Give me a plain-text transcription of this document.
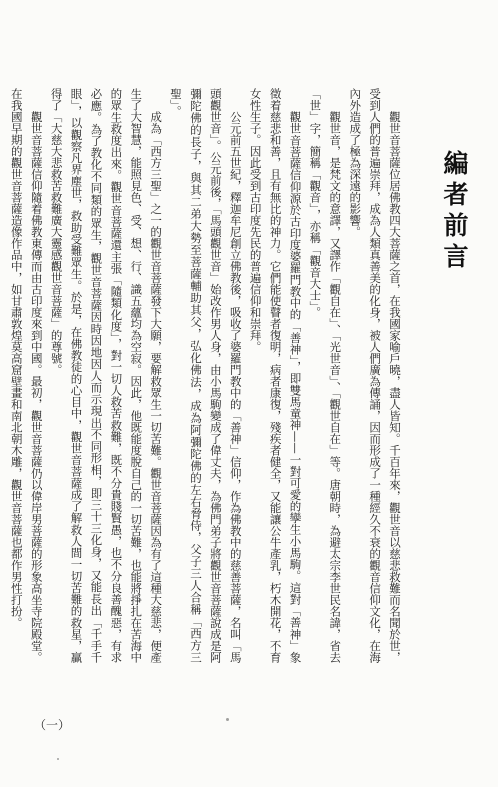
編者前言

觀世音菩薩位居佛教四大菩薩之首，在我國家喻戶曉，盡人皆知。千百年來，觀世音以慈悲救難而名聞於世，受到人們的普遍崇拜，成為人類真善美的化身，被人們廣為傳誦，因而形成了一種經久不衰的觀音信仰文化，在海內外造成了極為深遠的影響。

觀世音，是梵文的意譯，又譯作「觀自在」、「光世音」、「觀世自在」等。唐朝時，為避太宗李世民名諱，省去「世」字，簡稱「觀音」，亦稱「觀音大士」。

觀世音菩薩信仰源於古印度婆羅門教中的「善神」，即雙馬童神——一對可愛的孿生小馬駒。這對「善神」象徵着慈悲和善，且有無比的神力。它們能使瞽者復明，病者康復，殘疾者健全，又能讓公牛產乳，朽木開花，不育女性生子。因此受到古印度先民的普遍信仰和崇拜。

公元前五世紀，釋迦牟尼創立佛教後，吸收了婆羅門教中的「善神」信仰，作為佛教中的慈善菩薩，名叫「馬頭觀世音」。公元前後，「馬頭觀世音」始改作男人身，由小馬駒變成了偉丈夫，為佛門弟子將觀世音菩薩說成是阿彌陀佛的長子，與其二弟大勢至菩薩輔助其父，弘化佛法，成為阿彌陀佛的左右脅侍，父子三人合稱「西方三聖」。

成為「西方三聖」之一的觀世音菩薩發下大願，要解救眾生一切苦難。觀世音菩薩因為有了這種大慈悲，便產生了大智慧，能照見色、受、想、行、識五蘊均為空寂。因此，他既能度脫自己的一切苦難，也能將掙扎在苦海中的眾生救度出來。觀世音菩薩還主張「隨類化度」，對一切人救苦救難，既不分貴賤賢愚，也不分良善醜惡，有求必應。為了教化不同類的眾生，觀世音菩薩因時因地因人而示現出不同形相，即三十三化身，又能長出「千手千眼」，以觀察凡界塵世，救助受難眾生。於是，在佛教徒的心目中，觀世音菩薩成了解救人間一切苦難的救星，贏得了「大慈大悲救苦救難廣大靈感觀世音菩薩」的尊號。

觀世音菩薩信仰隨着佛教東傳而由古印度來到中國。最初，觀世音菩薩仍以偉岸男菩薩的形象高坐寺院殿堂。在我國早期的觀世音菩薩造像作品中，如甘肅敦煌莫高窟壁畫和南北朝木雕，觀世音菩薩也都作男性打扮。

（一）
